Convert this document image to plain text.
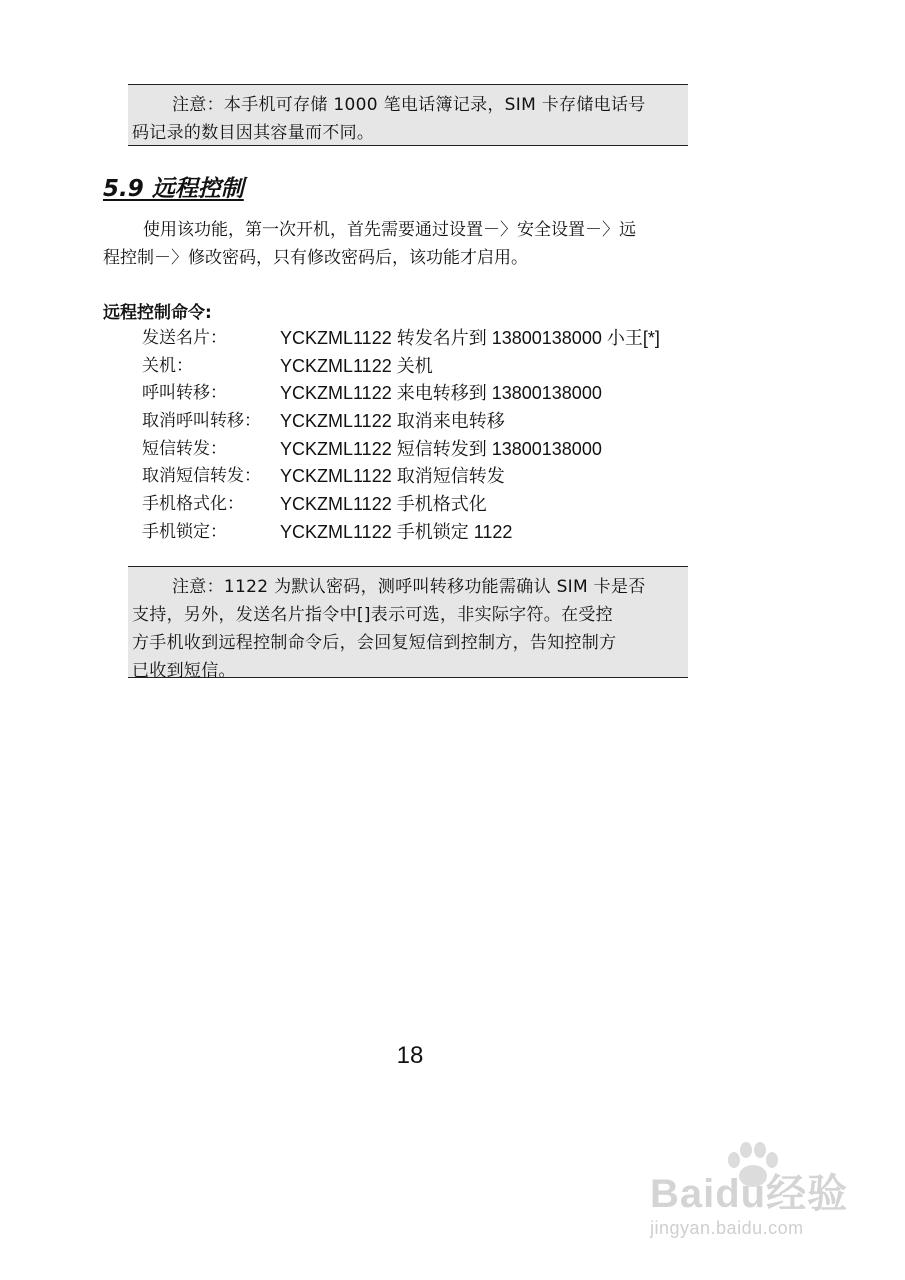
注意：本手机可存储 1000 笔电话簿记录，SIM 卡存储电话号
码记录的数目因其容量而不同。
5.9 远程控制
使用该功能，第一次开机，首先需要通过设置－〉安全设置－〉远
程控制－〉修改密码，只有修改密码后，该功能才启用。
远程控制命令:
发送名片：	YCKZML1122 转发名片到 13800138000 小王[*]
关机：	YCKZML1122 关机
呼叫转移：	YCKZML1122 来电转移到 13800138000
取消呼叫转移： YCKZML1122 取消来电转移
短信转发：	YCKZML1122 短信转发到 13800138000
取消短信转发： YCKZML1122 取消短信转发
手机格式化： YCKZML1122 手机格式化
手机锁定：	YCKZML1122 手机锁定 1122
注意：1122 为默认密码，测呼叫转移功能需确认 SIM 卡是否
支持，另外，发送名片指令中[]表示可选，非实际字符。在受控
方手机收到远程控制命令后，会回复短信到控制方，告知控制方
已收到短信。
18
Baidu经验
jingyan.baidu.com
